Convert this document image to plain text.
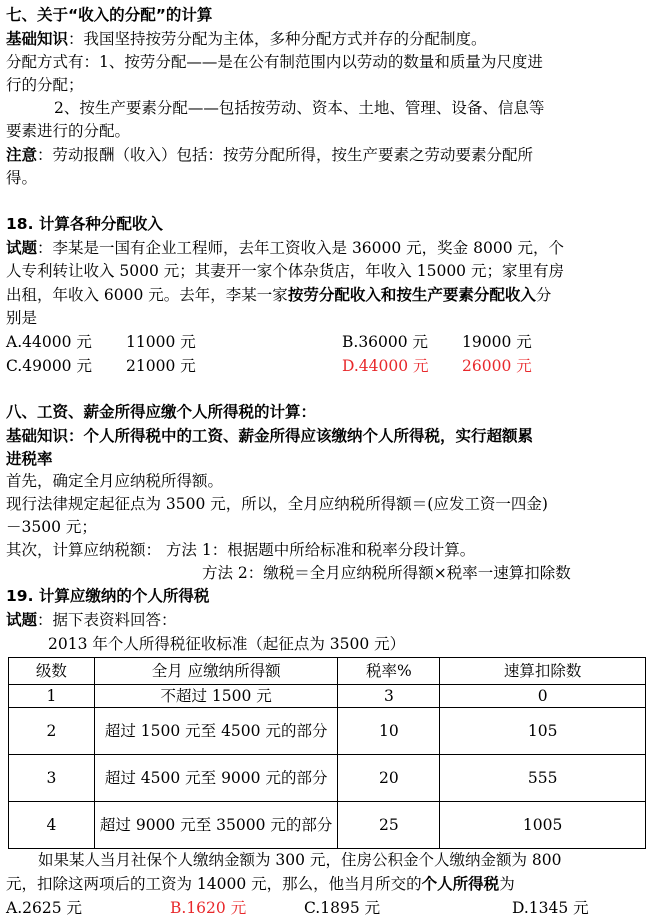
七、关于“收入的分配”的计算

基础知识：我国坚持按劳分配为主体，多种分配方式并存的分配制度。

分配方式有：1、按劳分配——是在公有制范围内以劳动的数量和质量为尺度进

行的分配；

2、按生产要素分配——包括按劳动、资本、土地、管理、设备、信息等

要素进行的分配。

注意：劳动报酬（收入）包括：按劳分配所得，按生产要素之劳动要素分配所

得。

18. 计算各种分配收入

试题：李某是一国有企业工程师，去年工资收入是 36000 元，奖金 8000 元，个

人专利转让收入 5000 元；其妻开一家个体杂货店，年收入 15000 元；家里有房

出租，年收入 6000 元。去年，李某一家按劳分配收入和按生产要素分配收入分

别是

A.44000 元	11000 元	B.36000 元	19000 元
C.49000 元	21000 元	D.44000 元	26000 元

八、工资、薪金所得应缴个人所得税的计算：

基础知识：个人所得税中的工资、薪金所得应该缴纳个人所得税，实行超额累

进税率

首先，确定全月应纳税所得额。

现行法律规定起征点为 3500 元，所以，全月应纳税所得额＝(应发工资一四金)

－3500 元；

其次，计算应纳税额： 方法 1：根据题中所给标准和税率分段计算。

方法 2：缴税＝全月应纳税所得额×税率一速算扣除数

19. 计算应缴纳的个人所得税

试题：据下表资料回答：

2013 年个人所得税征收标准（起征点为 3500 元）

级数	全月 应缴纳所得额	税率%	速算扣除数
1	不超过 1500 元	3	0
2	超过 1500 元至 4500 元的部分	10	105
3	超过 4500 元至 9000 元的部分	20	555
4	超过 9000 元至 35000 元的部分	25	1005

如果某人当月社保个人缴纳金额为 300 元，住房公积金个人缴纳金额为 800

元，扣除这两项后的工资为 14000 元，那么，他当月所交的个人所得税为

A.2625 元	B.1620 元	C.1895 元	D.1345 元
